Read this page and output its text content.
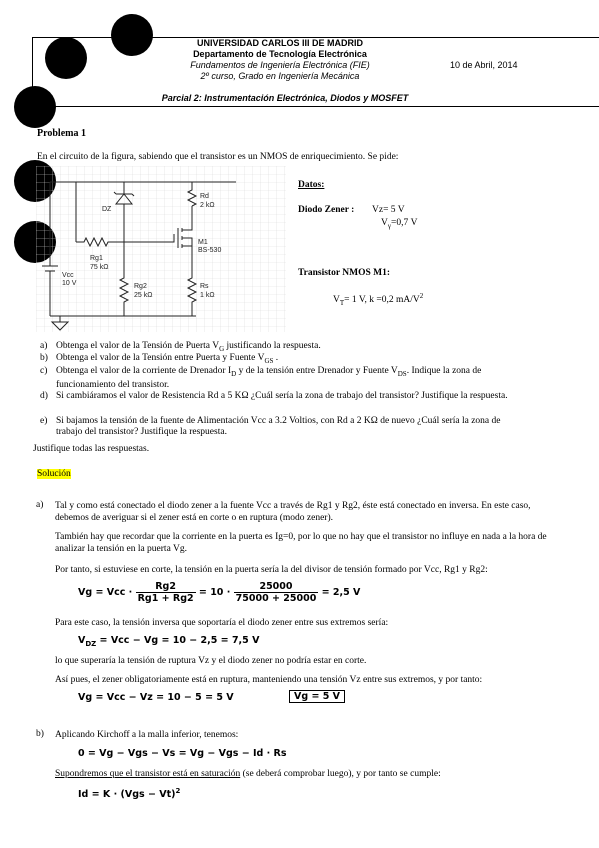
UNIVERSIDAD CARLOS III DE MADRID
Departamento de Tecnología Electrónica
Fundamentos de Ingeniería Electrónica (FIE)
2º curso, Grado en Ingeniería Mecánica
10 de Abril, 2014
Parcial 2: Instrumentación Electrónica, Diodos y MOSFET
Problema 1
En el circuito de la figura, sabiendo que el transistor es un NMOS de enriquecimiento. Se pide:
DZ
Rd
2 kΩ
M1
BS-530
Rg1
75 kΩ
Vcc
10 V	Rg2
25 kΩ
Rs
1 kΩ
Datos:
Diodo Zener : Vz= 5 V
$V_\gamma=0,7$ V
Transistor NMOS M1:
$V_T= 1$ V, k =0,2 $mA/V^2$
a) Obtenga el valor de la Tensión de Puerta $V_G$ justificando la respuesta.
b) Obtenga el valor de la Tensión entre Puerta y Fuente $V_{GS}$ .
c) Obtenga el valor de la corriente de Drenador $I_D$ y de la tensión entre Drenador y Fuente $V_{DS}$. Indique la zona de funcionamiento del transistor.
d) Si cambiáramos el valor de Resistencia Rd a 5 KΩ ¿Cuál sería la zona de trabajo del transistor? Justifique la respuesta.
e) Si bajamos la tensión de la fuente de Alimentación Vcc a 3.2 Voltios, con Rd a 2 KΩ de nuevo ¿Cuál sería la zona de trabajo del transistor? Justifique la respuesta.
Justifique todas las respuestas.
Solución
a) Tal y como está conectado el diodo zener a la fuente Vcc a través de Rg1 y Rg2, éste está conectado en inversa. En este caso, debemos de averiguar si el zener está en corte o en ruptura (modo zener).
También hay que recordar que la corriente en la puerta es Ig=0, por lo que no hay que el transistor no influye en nada a la hora de analizar la tensión en la puerta Vg.
Por tanto, si estuviese en corte, la tensión en la puerta sería la del divisor de tensión formado por Vcc, Rg1 y Rg2:
Vg = Vcc · $\frac{Rg2}{Rg1 + Rg2} = 10 \cdot \frac{25000}{75000 + 25000} = 2,5$ V
Para este caso, la tensión inversa que soportaría el diodo zener entre sus extremos sería:
$V_{DZ}$ = Vcc − Vg = 10 − 2,5 = 7,5 V
lo que superaría la tensión de ruptura Vz y el diodo zener no podría estar en corte.
Así pues, el zener obligatoriamente está en ruptura, manteniendo una tensión Vz entre sus extremos, y por tanto:
Vg = Vcc − Vz = 10 − 5 = 5 V	Vg = 5 V
b) Aplicando Kirchoff a la malla inferior, tenemos:
0 = Vg − Vgs − Vs = Vg − Vgs − Id · Rs
Supondremos que el transistor está en saturación (se deberá comprobar luego), y por tanto se cumple:
Id = K · (Vgs − Vt)$^2$
